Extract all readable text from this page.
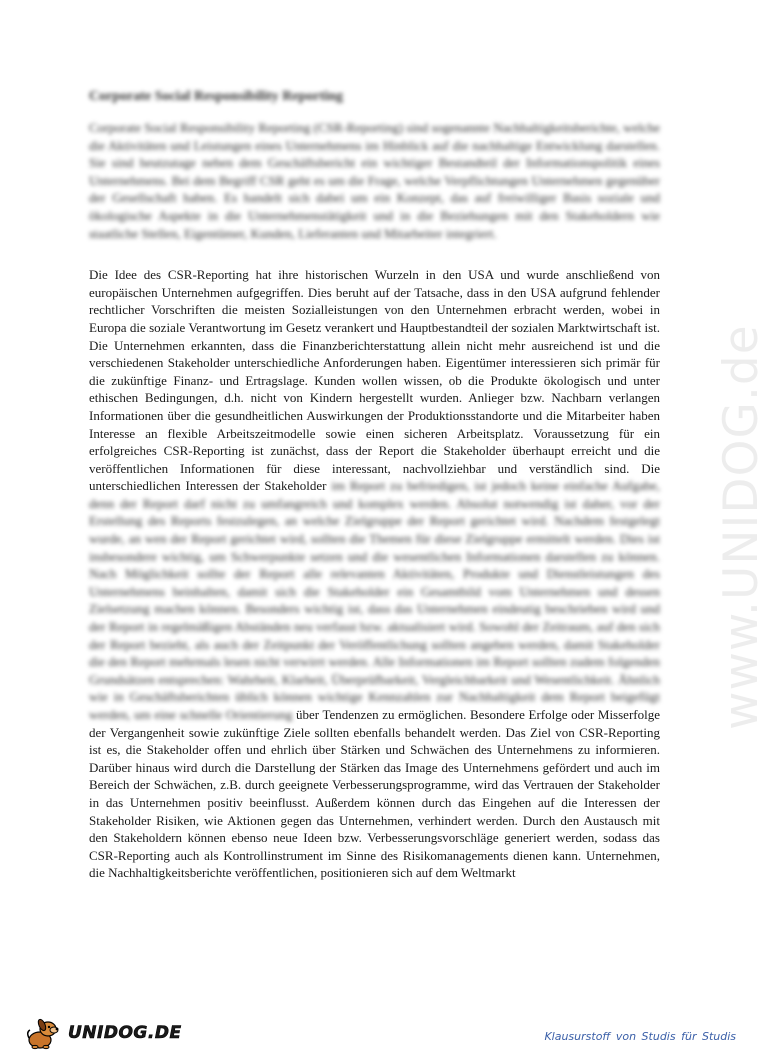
www.UNIDOG.de
Corporate Social Responsibility Reporting

Corporate Social Responsibility Reporting (CSR-Reporting) sind sogenannte Nachhaltigkeitsberichte, welche die Aktivitäten und Leistungen eines Unternehmens im Hinblick auf die nachhaltige Entwicklung darstellen. Sie sind heutzutage neben dem Geschäftsbericht ein wichtiger Bestandteil der Informationspolitik eines Unternehmens. Bei dem Begriff CSR geht es um die Frage, welche Verpflichtungen Unternehmen gegenüber der Gesellschaft haben. Es handelt sich dabei um ein Konzept, das auf freiwilliger Basis soziale und ökologische Aspekte in die Unternehmenstätigkeit und in die Beziehungen mit den Stakeholdern wie staatliche Stellen, Eigentümer, Kunden, Lieferanten und Mitarbeiter integriert.

Die Idee des CSR-Reporting hat ihre historischen Wurzeln in den USA und wurde anschließend von europäischen Unternehmen aufgegriffen. Dies beruht auf der Tatsache, dass in den USA aufgrund fehlender rechtlicher Vorschriften die meisten Sozialleistungen von den Unternehmen erbracht werden, wobei in Europa die soziale Verantwortung im Gesetz verankert und Hauptbestandteil der sozialen Marktwirtschaft ist. Die Unternehmen erkannten, dass die Finanzberichterstattung allein nicht mehr ausreichend ist und die verschiedenen Stakeholder unterschiedliche Anforderungen haben. Eigentümer interessieren sich primär für die zukünftige Finanz- und Ertragslage. Kunden wollen wissen, ob die Produkte ökologisch und unter ethischen Bedingungen, d.h. nicht von Kindern hergestellt wurden. Anlieger bzw. Nachbarn verlangen Informationen über die gesundheitlichen Auswirkungen der Produktionsstandorte und die Mitarbeiter haben Interesse an flexible Arbeitszeitmodelle sowie einen sicheren Arbeitsplatz. Voraussetzung für ein erfolgreiches CSR-Reporting ist zunächst, dass der Report die Stakeholder überhaupt erreicht und die veröffentlichen Informationen für diese interessant, nachvollziehbar und verständlich sind. Die unterschiedlichen Interessen der Stakeholder im Report zu befriedigen, ist jedoch keine einfache Aufgabe, denn der Report darf nicht zu umfangreich und komplex werden. Absolut notwendig ist daher, vor der Erstellung des Reports festzulegen, an welche Zielgruppe der Report gerichtet wird. Nachdem festgelegt wurde, an wen der Report gerichtet wird, sollten die Themen für diese Zielgruppe ermittelt werden. Dies ist insbesondere wichtig, um Schwerpunkte setzen und die wesentlichen Informationen darstellen zu können. Nach Möglichkeit sollte der Report alle relevanten Aktivitäten, Produkte und Dienstleistungen des Unternehmens beinhalten, damit sich die Stakeholder ein Gesamtbild vom Unternehmen und dessen Zielsetzung machen können. Besonders wichtig ist, dass das Unternehmen eindeutig beschrieben wird und der Report in regelmäßigen Abständen neu verfasst bzw. aktualisiert wird. Sowohl der Zeitraum, auf den sich der Report bezieht, als auch der Zeitpunkt der Veröffentlichung sollten angeben werden, damit Stakeholder die den Report mehrmals lesen nicht verwirrt werden. Alle Informationen im Report sollten zudem folgenden Grundsätzen entsprechen: Wahrheit, Klarheit, Überprüfbarkeit, Vergleichbarkeit und Wesentlichkeit. Ähnlich wie in Geschäftsberichten üblich können wichtige Kennzahlen zur Nachhaltigkeit dem Report beigefügt werden, um eine schnelle Orientierung über Tendenzen zu ermöglichen. Besondere Erfolge oder Misserfolge der Vergangenheit sowie zukünftige Ziele sollten ebenfalls behandelt werden. Das Ziel von CSR-Reporting ist es, die Stakeholder offen und ehrlich über Stärken und Schwächen des Unternehmens zu informieren. Darüber hinaus wird durch die Darstellung der Stärken das Image des Unternehmens gefördert und auch im Bereich der Schwächen, z.B. durch geeignete Verbesserungsprogramme, wird das Vertrauen der Stakeholder in das Unternehmen positiv beeinflusst. Außerdem können durch das Eingehen auf die Interessen der Stakeholder Risiken, wie Aktionen gegen das Unternehmen, verhindert werden. Durch den Austausch mit den Stakeholdern können ebenso neue Ideen bzw. Verbesserungsvorschläge generiert werden, sodass das CSR-Reporting auch als Kontrollinstrument im Sinne des Risikomanagements dienen kann. Unternehmen, die Nachhaltigkeitsberichte veröffentlichen, positionieren sich auf dem Weltmarkt

UNIDOG.DE	Klausurstoff von Studis für Studis
